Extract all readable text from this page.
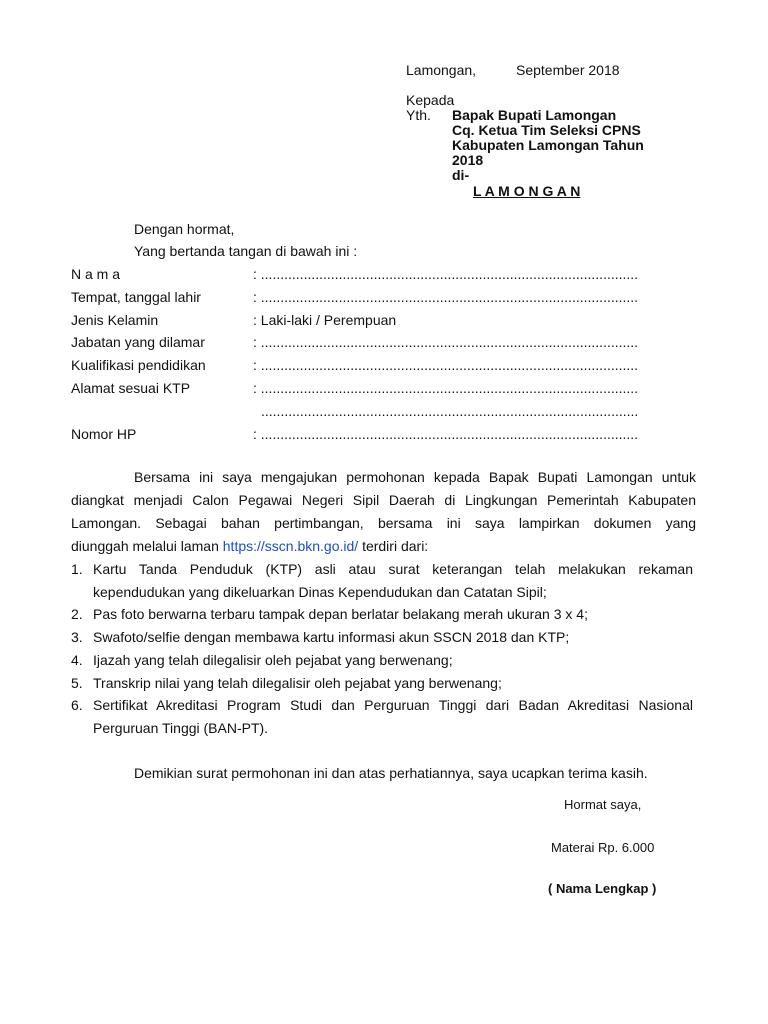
Lamongan,	September 2018
Kepada
Yth. Bapak Bupati Lamongan
Cq. Ketua Tim Seleksi CPNS
Kabupaten Lamongan Tahun
2018
di-
L A M O N G A N
Dengan hormat,
Yang bertanda tangan di bawah ini :
N a m a	: .................................................................................................
Tempat, tanggal lahir	: .................................................................................................
Jenis Kelamin	: Laki-laki / Perempuan
Jabatan yang dilamar	: .................................................................................................
Kualifikasi pendidikan	: .................................................................................................
Alamat sesuai KTP	: .................................................................................................
.................................................................................................
Nomor HP	: .................................................................................................
Bersama ini saya mengajukan permohonan kepada Bapak Bupati Lamongan untuk
diangkat menjadi Calon Pegawai Negeri Sipil Daerah di Lingkungan Pemerintah Kabupaten
Lamongan. Sebagai bahan pertimbangan, bersama ini saya lampirkan dokumen yang
diunggah melalui laman https://sscn.bkn.go.id/ terdiri dari:
1. Kartu Tanda Penduduk (KTP) asli atau surat keterangan telah melakukan rekaman
kependudukan yang dikeluarkan Dinas Kependudukan dan Catatan Sipil;
2. Pas foto berwarna terbaru tampak depan berlatar belakang merah ukuran 3 x 4;
3. Swafoto/selfie dengan membawa kartu informasi akun SSCN 2018 dan KTP;
4. Ijazah yang telah dilegalisir oleh pejabat yang berwenang;
5. Transkrip nilai yang telah dilegalisir oleh pejabat yang berwenang;
6. Sertifikat Akreditasi Program Studi dan Perguruan Tinggi dari Badan Akreditasi Nasional
Perguruan Tinggi (BAN-PT).
Demikian surat permohonan ini dan atas perhatiannya, saya ucapkan terima kasih.
Hormat saya,
Materai Rp. 6.000
( Nama Lengkap )
